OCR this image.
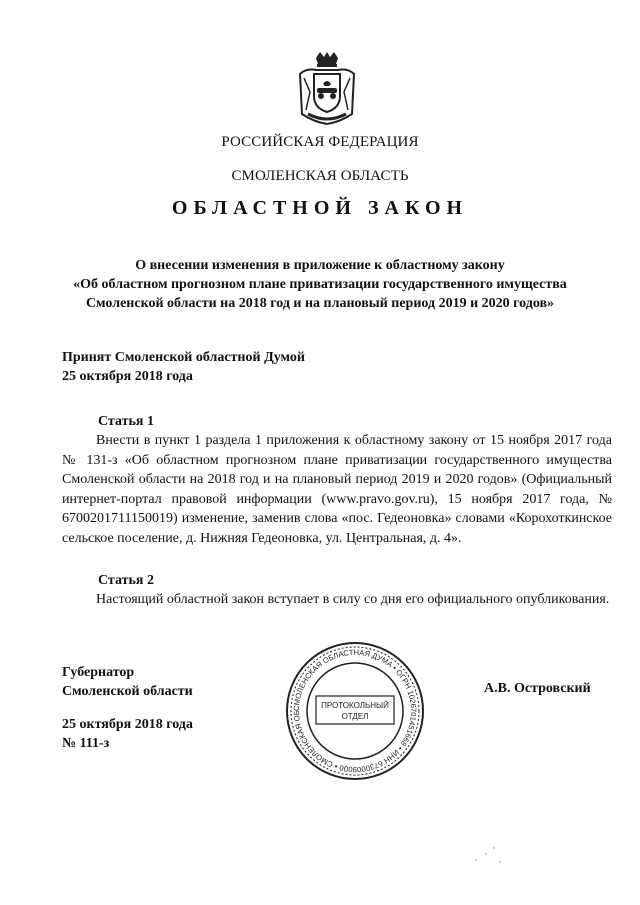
РОССИЙСКАЯ ФЕДЕРАЦИЯ
СМОЛЕНСКАЯ ОБЛАСТЬ
ОБЛАСТНОЙ ЗАКОН
О внесении изменения в приложение к областному закону
«Об областном прогнозном плане приватизации государственного имущества
Смоленской области на 2018 год и на плановый период 2019 и 2020 годов»
Принят Смоленской областной Думой
25 октября 2018 года
Статья 1
Внести в пункт 1 раздела 1 приложения к областному закону от 15 ноября 2017 года № 131-з «Об областном прогнозном плане приватизации государственного имущества Смоленской области на 2018 год и на плановый период 2019 и 2020 годов» (Официальный интернет-портал правовой информации (www.pravo.gov.ru), 15 ноября 2017 года, № 6700201711150019) изменение, заменив слова «пос. Гедеоновка» словами «Корохоткинское сельское поселение, д. Нижняя Гедеоновка, ул. Центральная, д. 4».
Статья 2
Настоящий областной закон вступает в силу со дня его официального опубликования.
Губернатор
Смоленской области	А.В. Островский
25 октября 2018 года
№ 111-з
СМОЛЕНСКАЯ ОБЛАСТНАЯ ДУМА • ОГРН 1026701451668 • ИНН 6730009000 • СМОЛЕНСКАЯ ОБ
ПРОТОКОЛЬНЫЙ
ОТДЕЛ
